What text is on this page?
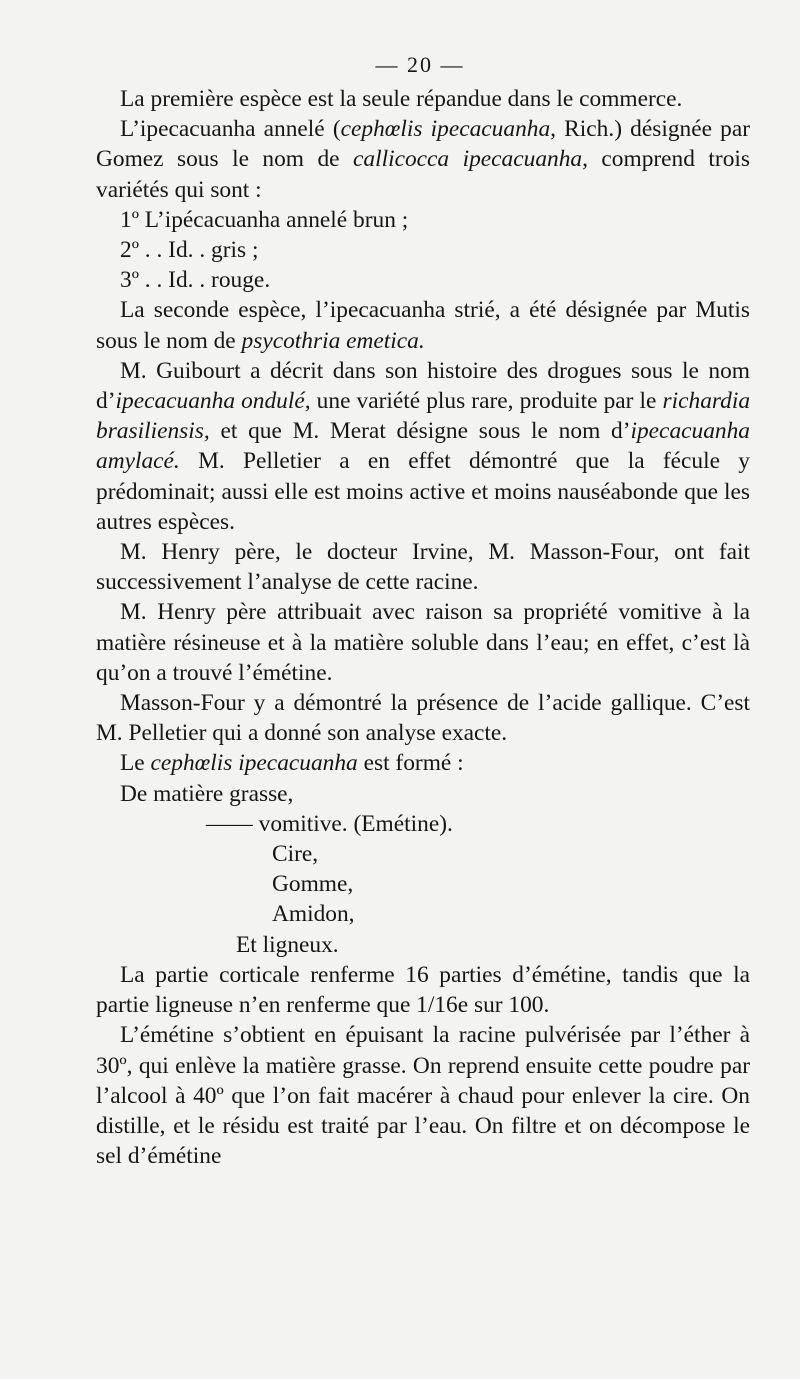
— 20 —

La première espèce est la seule répandue dans le commerce.

L’ipecacuanha annelé (cephœlis ipecacuanha, Rich.) désignée par Gomez sous le nom de callicocca ipecacuanha, comprend trois variétés qui sont :

1º L’ipécacuanha annelé brun ;
2º . . Id. . gris ;
3º . . Id. . rouge.

La seconde espèce, l’ipecacuanha strié, a été désignée par Mutis sous le nom de psycothria emetica.

M. Guibourt a décrit dans son histoire des drogues sous le nom d’ipecacuanha ondulé, une variété plus rare, produite par le richardia brasiliensis, et que M. Merat désigne sous le nom d’ipecacuanha amylacé. M. Pelletier a en effet démontré que la fécule y prédominait; aussi elle est moins active et moins nauséabonde que les autres espèces.

M. Henry père, le docteur Irvine, M. Masson-Four, ont fait successivement l’analyse de cette racine.

M. Henry père attribuait avec raison sa propriété vomitive à la matière résineuse et à la matière soluble dans l’eau; en effet, c’est là qu’on a trouvé l’émétine.

Masson-Four y a démontré la présence de l’acide gallique. C’est M. Pelletier qui a donné son analyse exacte.

Le cephœlis ipecacuanha est formé :

De matière grasse,
—— vomitive. (Emétine).
Cire,
Gomme,
Amidon,
Et ligneux.

La partie corticale renferme 16 parties d’émétine, tandis que la partie ligneuse n’en renferme que 1/16e sur 100.

L’émétine s’obtient en épuisant la racine pulvérisée par l’éther à 30º, qui enlève la matière grasse. On reprend ensuite cette poudre par l’alcool à 40º que l’on fait macérer à chaud pour enlever la cire. On distille, et le résidu est traité par l’eau. On filtre et on décompose le sel d’émétine
